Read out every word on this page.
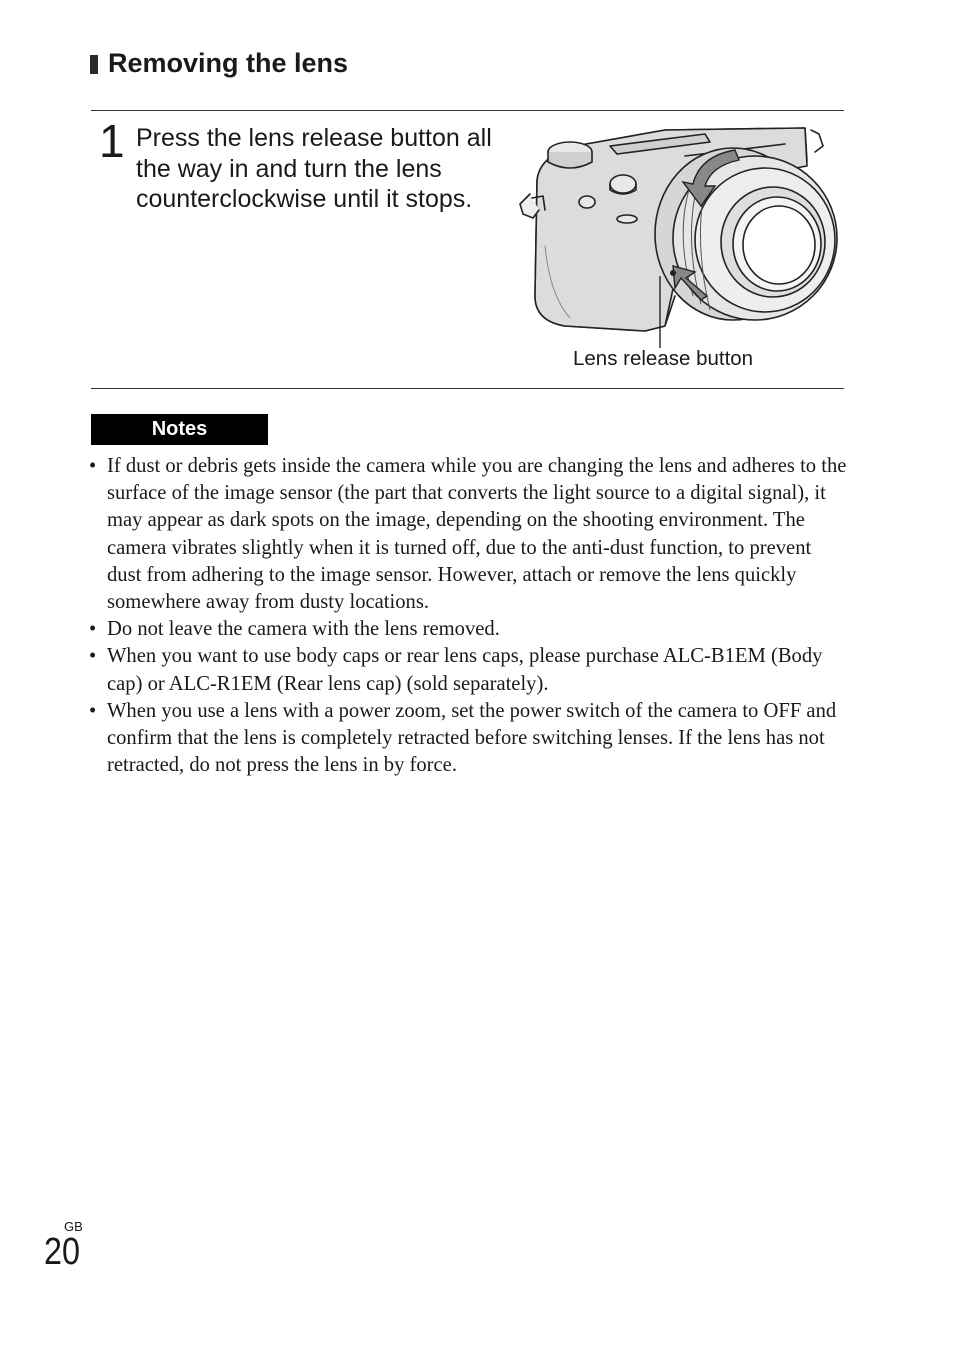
Removing the lens
1 Press the lens release button all the way in and turn the lens counterclockwise until it stops.

Lens release button
Notes
• If dust or debris gets inside the camera while you are changing the lens and adheres to the surface of the image sensor (the part that converts the light source to a digital signal), it may appear as dark spots on the image, depending on the shooting environment. The camera vibrates slightly when it is turned off, due to the anti-dust function, to prevent dust from adhering to the image sensor. However, attach or remove the lens quickly somewhere away from dusty locations.
• Do not leave the camera with the lens removed.
• When you want to use body caps or rear lens caps, please purchase ALC-B1EM (Body cap) or ALC-R1EM (Rear lens cap) (sold separately).
• When you use a lens with a power zoom, set the power switch of the camera to OFF and confirm that the lens is completely retracted before switching lenses. If the lens has not retracted, do not press the lens in by force.
GB
20
